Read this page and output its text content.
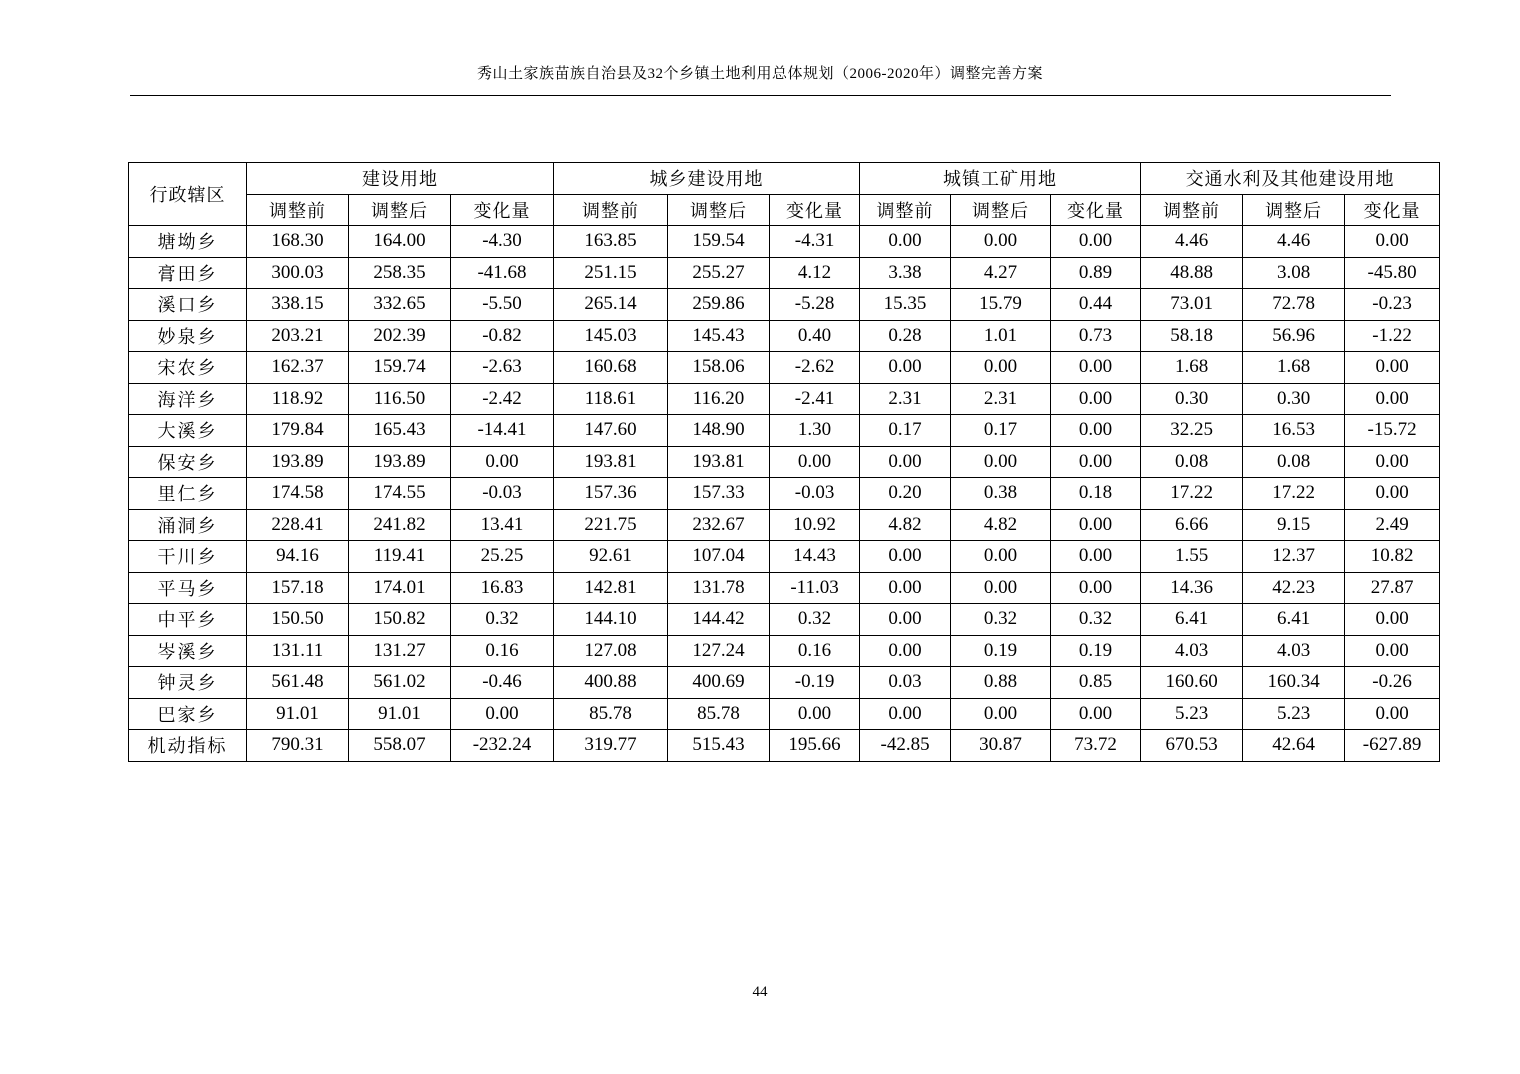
秀山土家族苗族自治县及32个乡镇土地利用总体规划（2006-2020年）调整完善方案
行政辖区	建设用地			城乡建设用地			城镇工矿用地			交通水利及其他建设用地		
	调整前	调整后	变化量	调整前	调整后	变化量	调整前	调整后	变化量	调整前	调整后	变化量
塘坳乡	168.30	164.00	-4.30	163.85	159.54	-4.31	0.00	0.00	0.00	4.46	4.46	0.00
膏田乡	300.03	258.35	-41.68	251.15	255.27	4.12	3.38	4.27	0.89	48.88	3.08	-45.80
溪口乡	338.15	332.65	-5.50	265.14	259.86	-5.28	15.35	15.79	0.44	73.01	72.78	-0.23
妙泉乡	203.21	202.39	-0.82	145.03	145.43	0.40	0.28	1.01	0.73	58.18	56.96	-1.22
宋农乡	162.37	159.74	-2.63	160.68	158.06	-2.62	0.00	0.00	0.00	1.68	1.68	0.00
海洋乡	118.92	116.50	-2.42	118.61	116.20	-2.41	2.31	2.31	0.00	0.30	0.30	0.00
大溪乡	179.84	165.43	-14.41	147.60	148.90	1.30	0.17	0.17	0.00	32.25	16.53	-15.72
保安乡	193.89	193.89	0.00	193.81	193.81	0.00	0.00	0.00	0.00	0.08	0.08	0.00
里仁乡	174.58	174.55	-0.03	157.36	157.33	-0.03	0.20	0.38	0.18	17.22	17.22	0.00
涌洞乡	228.41	241.82	13.41	221.75	232.67	10.92	4.82	4.82	0.00	6.66	9.15	2.49
干川乡	94.16	119.41	25.25	92.61	107.04	14.43	0.00	0.00	0.00	1.55	12.37	10.82
平马乡	157.18	174.01	16.83	142.81	131.78	-11.03	0.00	0.00	0.00	14.36	42.23	27.87
中平乡	150.50	150.82	0.32	144.10	144.42	0.32	0.00	0.32	0.32	6.41	6.41	0.00
岑溪乡	131.11	131.27	0.16	127.08	127.24	0.16	0.00	0.19	0.19	4.03	4.03	0.00
钟灵乡	561.48	561.02	-0.46	400.88	400.69	-0.19	0.03	0.88	0.85	160.60	160.34	-0.26
巴家乡	91.01	91.01	0.00	85.78	85.78	0.00	0.00	0.00	0.00	5.23	5.23	0.00
机动指标	790.31	558.07	-232.24	319.77	515.43	195.66	-42.85	30.87	73.72	670.53	42.64	-627.89
44
